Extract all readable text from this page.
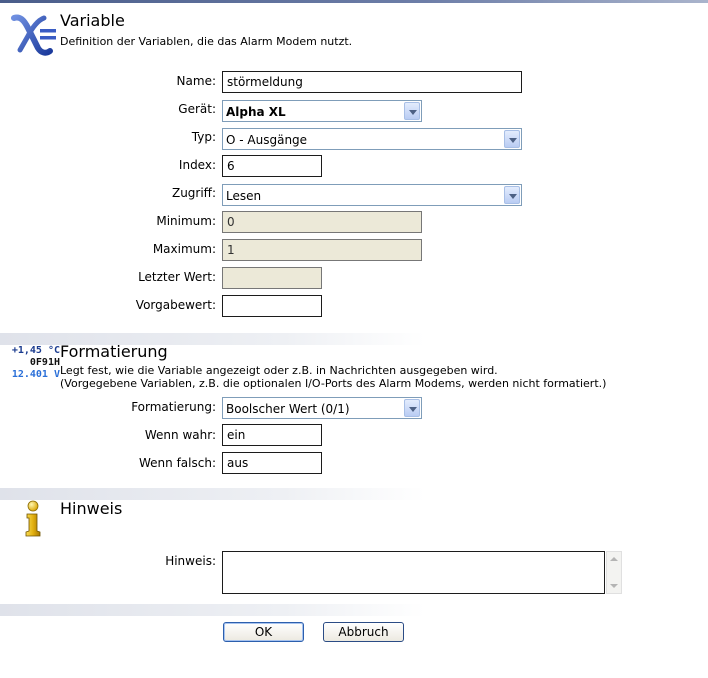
Variable
Definition der Variablen, die das Alarm Modem nutzt.
Name: störmeldung
Gerät: Alpha XL
Typ: O - Ausgänge
Index: 6
Zugriff: Lesen
Minimum: 0
Maximum: 1
Letzter Wert:
Vorgabewert:
+1,45 °C
0F91H
12.401 V
Formatierung
Legt fest, wie die Variable angezeigt oder z.B. in Nachrichten ausgegeben wird.
(Vorgegebene Variablen, z.B. die optionalen I/O-Ports des Alarm Modems, werden nicht formatiert.)
Formatierung: Boolscher Wert (0/1)
Wenn wahr: ein
Wenn falsch: aus
Hinweis
Hinweis:
OK	Abbruch
